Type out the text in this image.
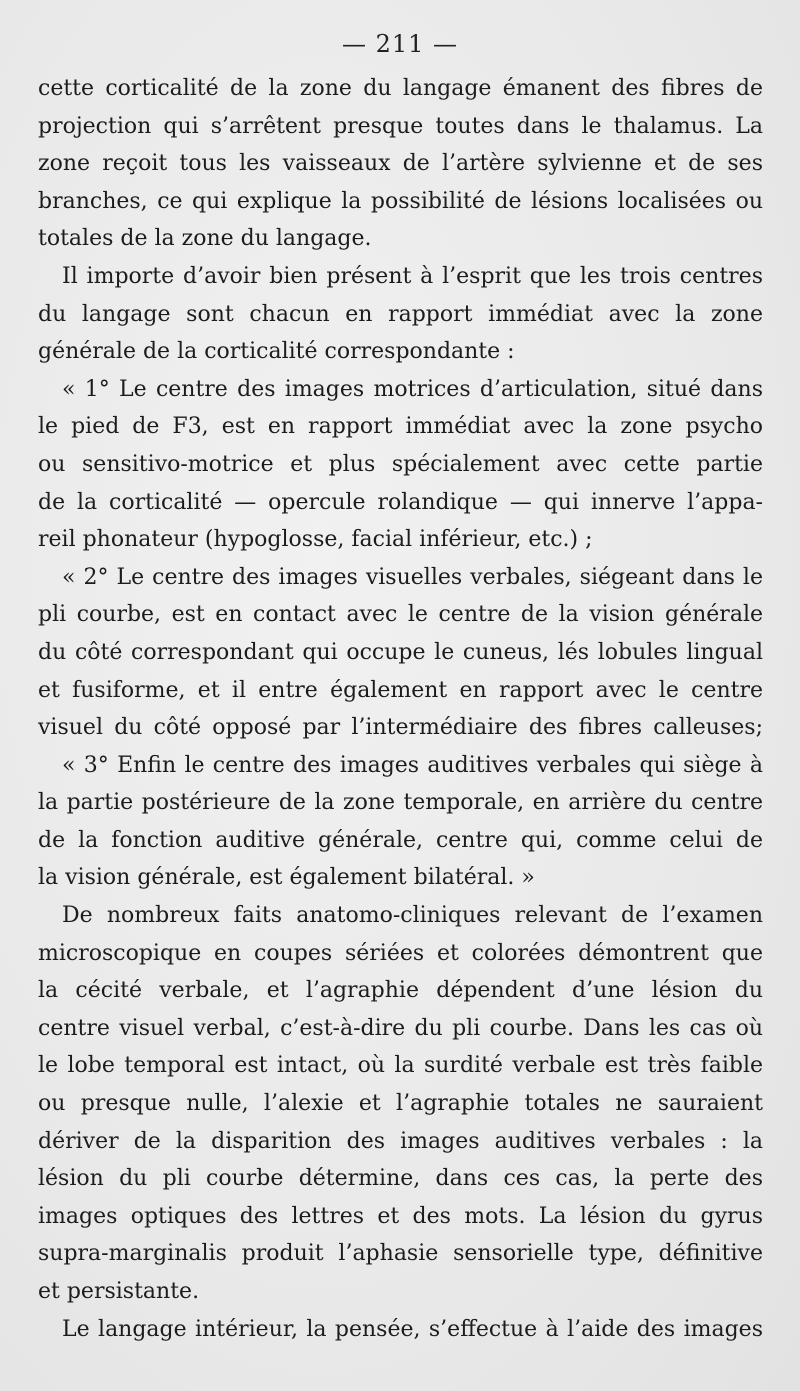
— 211 —
cette corticalité de la zone du langage émanent des fibres de
projection qui s’arrêtent presque toutes dans le thalamus. La
zone reçoit tous les vaisseaux de l’artère sylvienne et de ses
branches, ce qui explique la possibilité de lésions localisées ou
totales de la zone du langage.
Il importe d’avoir bien présent à l’esprit que les trois centres
du langage sont chacun en rapport immédiat avec la zone
générale de la corticalité correspondante :
« 1° Le centre des images motrices d’articulation, situé dans
le pied de F3, est en rapport immédiat avec la zone psycho
ou sensitivo-motrice et plus spécialement avec cette partie
de la corticalité — opercule rolandique — qui innerve l’appa-
reil phonateur (hypoglosse, facial inférieur, etc.) ;
« 2° Le centre des images visuelles verbales, siégeant dans le
pli courbe, est en contact avec le centre de la vision générale
du côté correspondant qui occupe le cuneus, lés lobules lingual
et fusiforme, et il entre également en rapport avec le centre
visuel du côté opposé par l’intermédiaire des fibres calleuses;
« 3° Enfin le centre des images auditives verbales qui siège à
la partie postérieure de la zone temporale, en arrière du centre
de la fonction auditive générale, centre qui, comme celui de
la vision générale, est également bilatéral. »
De nombreux faits anatomo-cliniques relevant de l’examen
microscopique en coupes sériées et colorées démontrent que
la cécité verbale, et l’agraphie dépendent d’une lésion du
centre visuel verbal, c’est-à-dire du pli courbe. Dans les cas où
le lobe temporal est intact, où la surdité verbale est très faible
ou presque nulle, l’alexie et l’agraphie totales ne sauraient
dériver de la disparition des images auditives verbales : la
lésion du pli courbe détermine, dans ces cas, la perte des
images optiques des lettres et des mots. La lésion du gyrus
supra-marginalis produit l’aphasie sensorielle type, définitive
et persistante.
Le langage intérieur, la pensée, s’effectue à l’aide des images
